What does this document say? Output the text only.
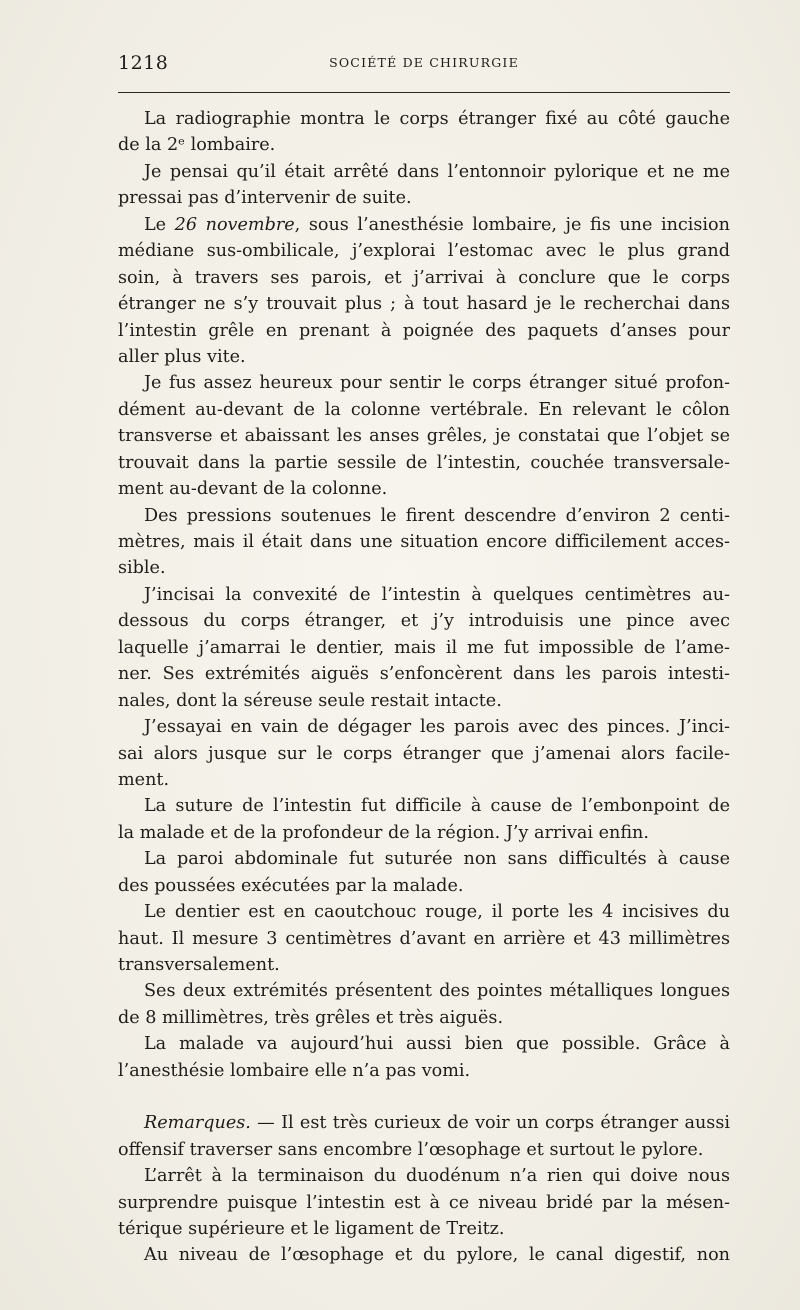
1218	SOCIÉTÉ DE CHIRURGIE
La radiographie montra le corps étranger fixé au côté gauche
de la 2ᵉ lombaire.
Je pensai qu’il était arrêté dans l’entonnoir pylorique et ne me
pressai pas d’intervenir de suite.
Le 26 novembre, sous l’anesthésie lombaire, je fis une incision
médiane sus-ombilicale, j’explorai l’estomac avec le plus grand
soin, à travers ses parois, et j’arrivai à conclure que le corps
étranger ne s’y trouvait plus ; à tout hasard je le recherchai dans
l’intestin grêle en prenant à poignée des paquets d’anses pour
aller plus vite.
Je fus assez heureux pour sentir le corps étranger situé profon-
dément au-devant de la colonne vertébrale. En relevant le côlon
transverse et abaissant les anses grêles, je constatai que l’objet se
trouvait dans la partie sessile de l’intestin, couchée transversale-
ment au-devant de la colonne.
Des pressions soutenues le firent descendre d’environ 2 centi-
mètres, mais il était dans une situation encore difficilement acces-
sible.
J’incisai la convexité de l’intestin à quelques centimètres au-
dessous du corps étranger, et j’y introduisis une pince avec
laquelle j’amarrai le dentier, mais il me fut impossible de l’ame-
ner. Ses extrémités aiguës s’enfoncèrent dans les parois intesti-
nales, dont la séreuse seule restait intacte.
J’essayai en vain de dégager les parois avec des pinces. J’inci-
sai alors jusque sur le corps étranger que j’amenai alors facile-
ment.
La suture de l’intestin fut difficile à cause de l’embonpoint de
la malade et de la profondeur de la région. J’y arrivai enfin.
La paroi abdominale fut suturée non sans difficultés à cause
des poussées exécutées par la malade.
Le dentier est en caoutchouc rouge, il porte les 4 incisives du
haut. Il mesure 3 centimètres d’avant en arrière et 43 millimètres
transversalement.
Ses deux extrémités présentent des pointes métalliques longues
de 8 millimètres, très grêles et très aiguës.
La malade va aujourd’hui aussi bien que possible. Grâce à
l’anesthésie lombaire elle n’a pas vomi.
Remarques. — Il est très curieux de voir un corps étranger aussi
offensif traverser sans encombre l’œsophage et surtout le pylore.
L’arrêt à la terminaison du duodénum n’a rien qui doive nous
surprendre puisque l’intestin est à ce niveau bridé par la mésen-
térique supérieure et le ligament de Treitz.
Au niveau de l’œsophage et du pylore, le canal digestif, non
